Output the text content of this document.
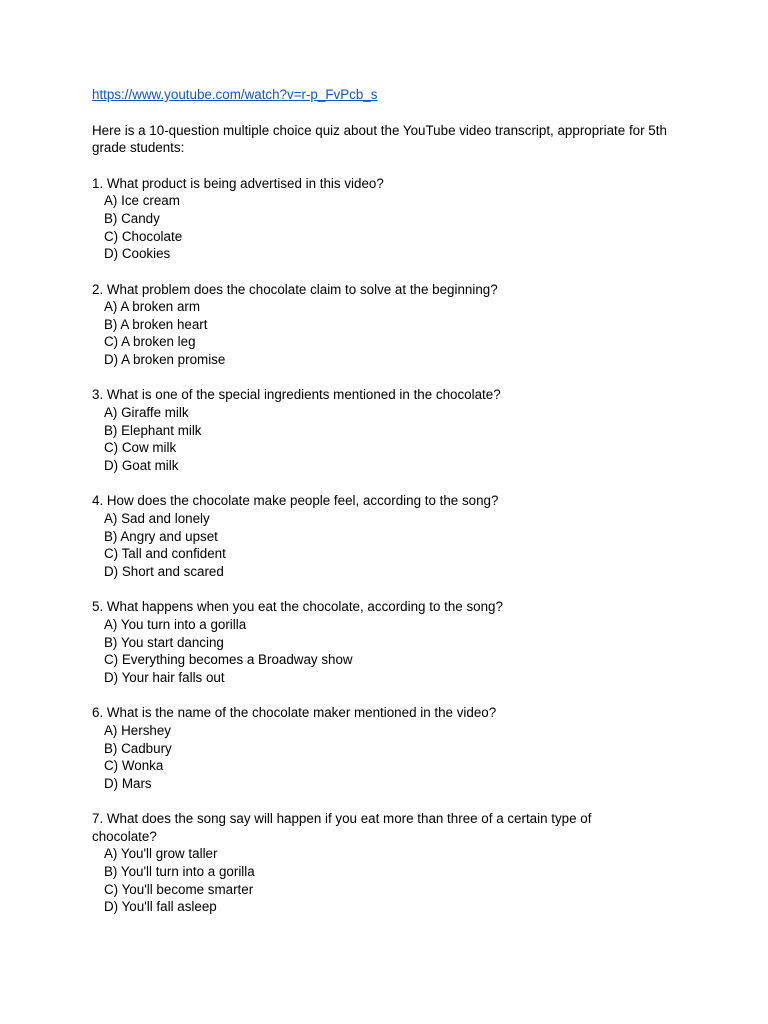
https://www.youtube.com/watch?v=r-p_FvPcb_s

Here is a 10-question multiple choice quiz about the YouTube video transcript, appropriate for 5th grade students:

1. What product is being advertised in this video?

A) Ice cream

B) Candy

C) Chocolate

D) Cookies

2. What problem does the chocolate claim to solve at the beginning?

A) A broken arm

B) A broken heart

C) A broken leg

D) A broken promise

3. What is one of the special ingredients mentioned in the chocolate?

A) Giraffe milk

B) Elephant milk

C) Cow milk

D) Goat milk

4. How does the chocolate make people feel, according to the song?

A) Sad and lonely

B) Angry and upset

C) Tall and confident

D) Short and scared

5. What happens when you eat the chocolate, according to the song?

A) You turn into a gorilla

B) You start dancing

C) Everything becomes a Broadway show

D) Your hair falls out

6. What is the name of the chocolate maker mentioned in the video?

A) Hershey

B) Cadbury

C) Wonka

D) Mars

7. What does the song say will happen if you eat more than three of a certain type of chocolate?

A) You'll grow taller

B) You'll turn into a gorilla

C) You'll become smarter

D) You'll fall asleep
